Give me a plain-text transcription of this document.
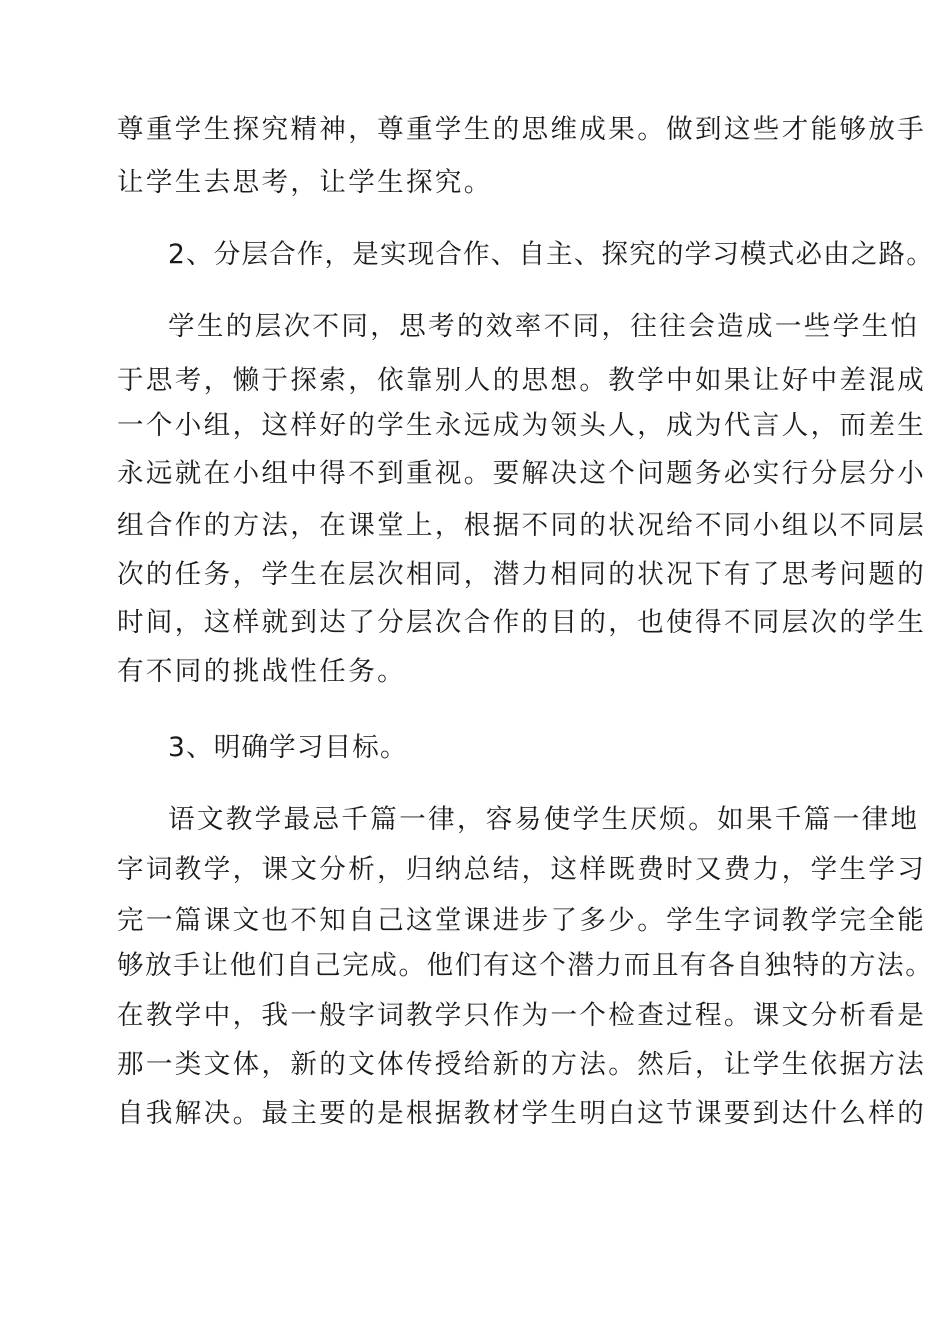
尊重学生探究精神，尊重学生的思维成果。做到这些才能够放手
让学生去思考，让学生探究。
2、分层合作，是实现合作、自主、探究的学习模式必由之路。
学生的层次不同，思考的效率不同，往往会造成一些学生怕
于思考，懒于探索，依靠别人的思想。教学中如果让好中差混成
一个小组，这样好的学生永远成为领头人，成为代言人，而差生
永远就在小组中得不到重视。要解决这个问题务必实行分层分小
组合作的方法，在课堂上，根据不同的状况给不同小组以不同层
次的任务，学生在层次相同，潜力相同的状况下有了思考问题的
时间，这样就到达了分层次合作的目的，也使得不同层次的学生
有不同的挑战性任务。
3、明确学习目标。
语文教学最忌千篇一律，容易使学生厌烦。如果千篇一律地
字词教学，课文分析，归纳总结，这样既费时又费力，学生学习
完一篇课文也不知自己这堂课进步了多少。学生字词教学完全能
够放手让他们自己完成。他们有这个潜力而且有各自独特的方法。
在教学中，我一般字词教学只作为一个检查过程。课文分析看是
那一类文体，新的文体传授给新的方法。然后，让学生依据方法
自我解决。最主要的是根据教材学生明白这节课要到达什么样的
